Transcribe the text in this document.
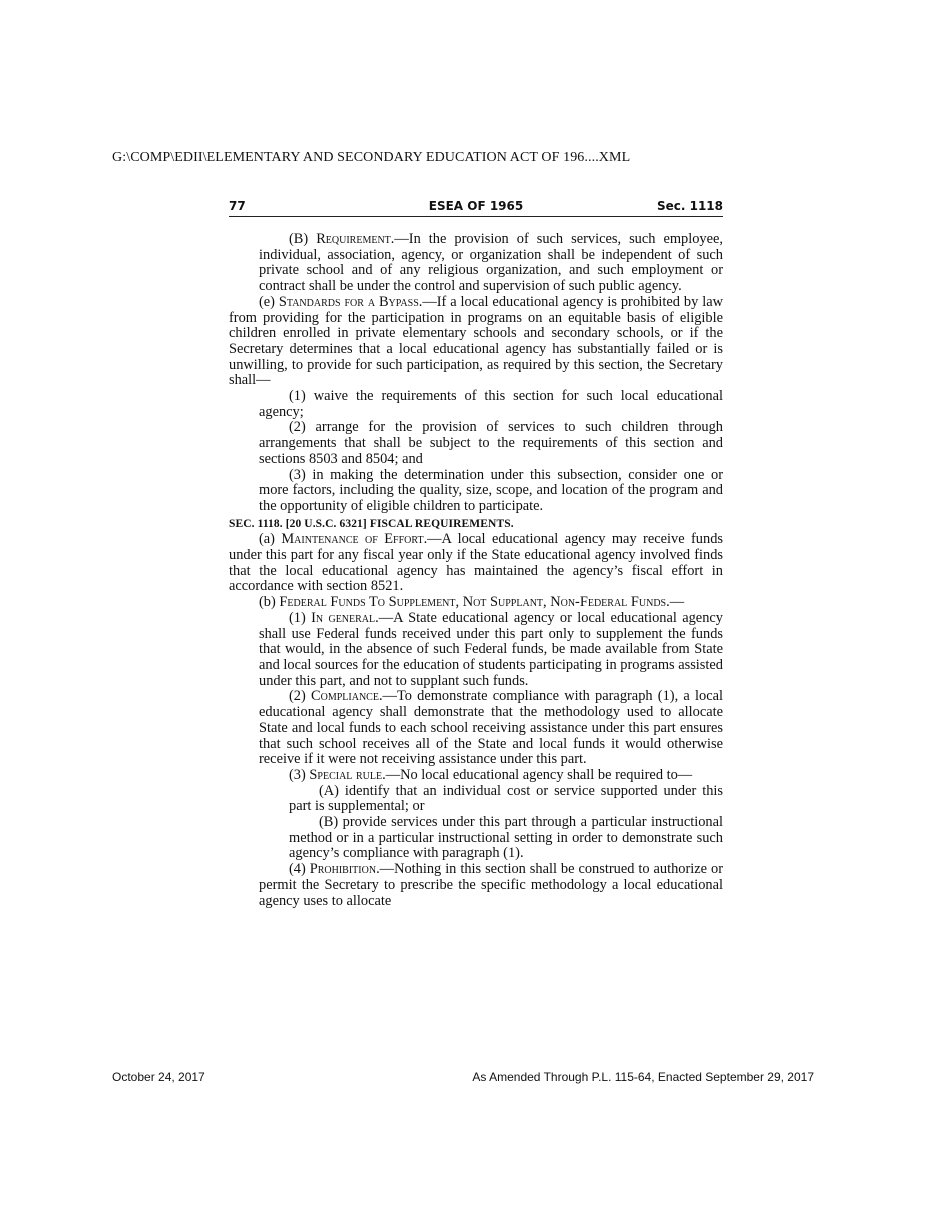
G:\COMP\EDII\ELEMENTARY AND SECONDARY EDUCATION ACT OF 196....XML
77	ESEA OF 1965	Sec. 1118

(B) Requirement.—In the provision of such services, such employee, individual, association, agency, or organization shall be independent of such private school and of any religious organization, and such employment or contract shall be under the control and supervision of such public agency.

(e) Standards for a Bypass.—If a local educational agency is prohibited by law from providing for the participation in programs on an equitable basis of eligible children enrolled in private elementary schools and secondary schools, or if the Secretary determines that a local educational agency has substantially failed or is unwilling, to provide for such participation, as required by this section, the Secretary shall—

(1) waive the requirements of this section for such local educational agency;

(2) arrange for the provision of services to such children through arrangements that shall be subject to the requirements of this section and sections 8503 and 8504; and

(3) in making the determination under this subsection, consider one or more factors, including the quality, size, scope, and location of the program and the opportunity of eligible children to participate.

SEC. 1118. [20 U.S.C. 6321] FISCAL REQUIREMENTS.

(a) Maintenance of Effort.—A local educational agency may receive funds under this part for any fiscal year only if the State educational agency involved finds that the local educational agency has maintained the agency’s fiscal effort in accordance with section 8521.

(b) Federal Funds To Supplement, Not Supplant, Non-Federal Funds.—

(1) In general.—A State educational agency or local educational agency shall use Federal funds received under this part only to supplement the funds that would, in the absence of such Federal funds, be made available from State and local sources for the education of students participating in programs assisted under this part, and not to supplant such funds.

(2) Compliance.—To demonstrate compliance with paragraph (1), a local educational agency shall demonstrate that the methodology used to allocate State and local funds to each school receiving assistance under this part ensures that such school receives all of the State and local funds it would otherwise receive if it were not receiving assistance under this part.

(3) Special rule.—No local educational agency shall be required to—

(A) identify that an individual cost or service supported under this part is supplemental; or

(B) provide services under this part through a particular instructional method or in a particular instructional setting in order to demonstrate such agency’s compliance with paragraph (1).

(4) Prohibition.—Nothing in this section shall be construed to authorize or permit the Secretary to prescribe the specific methodology a local educational agency uses to allocate

October 24, 2017	As Amended Through P.L. 115-64, Enacted September 29, 2017
